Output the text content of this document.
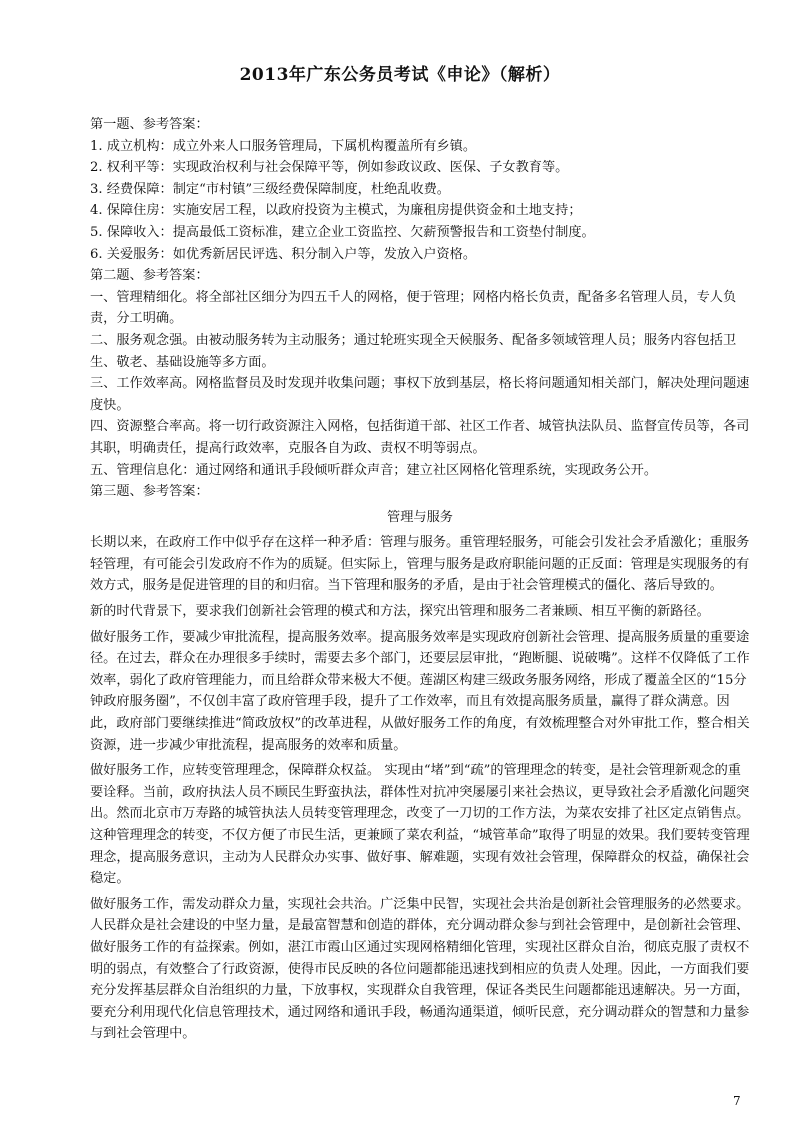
2013年广东公务员考试《申论》（解析）

第一题、参考答案：

1. 成立机构：成立外来人口服务管理局，下属机构覆盖所有乡镇。

2. 权利平等：实现政治权利与社会保障平等，例如参政议政、医保、子女教育等。

3. 经费保障：制定“市村镇”三级经费保障制度，杜绝乱收费。

4. 保障住房：实施安居工程，以政府投资为主模式，为廉租房提供资金和土地支持；

5. 保障收入：提高最低工资标准，建立企业工资监控、欠薪预警报告和工资垫付制度。

6. 关爱服务：如优秀新居民评选、积分制入户等，发放入户资格。

第二题、参考答案：

一、管理精细化。将全部社区细分为四五千人的网格，便于管理；网格内格长负责，配备多名管理人员，专人负责，分工明确。

二、服务观念强。由被动服务转为主动服务；通过轮班实现全天候服务、配备多领域管理人员；服务内容包括卫生、敬老、基础设施等多方面。

三、工作效率高。网格监督员及时发现并收集问题；事权下放到基层，格长将问题通知相关部门，解决处理问题速度快。

四、资源整合率高。将一切行政资源注入网格，包括街道干部、社区工作者、城管执法队员、监督宣传员等，各司其职，明确责任，提高行政效率，克服各自为政、责权不明等弱点。

五、管理信息化：通过网络和通讯手段倾听群众声音；建立社区网格化管理系统，实现政务公开。

第三题、参考答案：

管理与服务

长期以来，在政府工作中似乎存在这样一种矛盾：管理与服务。重管理轻服务，可能会引发社会矛盾激化；重服务轻管理，有可能会引发政府不作为的质疑。但实际上，管理与服务是政府职能问题的正反面：管理是实现服务的有效方式，服务是促进管理的目的和归宿。当下管理和服务的矛盾，是由于社会管理模式的僵化、落后导致的。

新的时代背景下，要求我们创新社会管理的模式和方法，探究出管理和服务二者兼顾、相互平衡的新路径。

做好服务工作，要减少审批流程，提高服务效率。提高服务效率是实现政府创新社会管理、提高服务质量的重要途径。在过去，群众在办理很多手续时，需要去多个部门，还要层层审批，“跑断腿、说破嘴”。这样不仅降低了工作效率，弱化了政府管理能力，而且给群众带来极大不便。莲湖区构建三级政务服务网络，形成了覆盖全区的“15分钟政府服务圈”，不仅创丰富了政府管理手段，提升了工作效率，而且有效提高服务质量，赢得了群众满意。因此，政府部门要继续推进“简政放权”的改革进程，从做好服务工作的角度，有效梳理整合对外审批工作，整合相关资源，进一步减少审批流程，提高服务的效率和质量。

做好服务工作，应转变管理理念，保障群众权益。 实现由“堵”到“疏”的管理理念的转变，是社会管理新观念的重要诠释。当前，政府执法人员不顾民生野蛮执法，群体性对抗冲突屡屡引来社会热议，更导致社会矛盾激化问题突出。然而北京市万寿路的城管执法人员转变管理理念，改变了一刀切的工作方法，为菜农安排了社区定点销售点。这种管理理念的转变，不仅方便了市民生活，更兼顾了菜农利益，“城管革命”取得了明显的效果。我们要转变管理理念，提高服务意识，主动为人民群众办实事、做好事、解难题，实现有效社会管理，保障群众的权益，确保社会稳定。

做好服务工作，需发动群众力量，实现社会共治。广泛集中民智，实现社会共治是创新社会管理服务的必然要求。人民群众是社会建设的中坚力量，是最富智慧和创造的群体，充分调动群众参与到社会管理中，是创新社会管理、做好服务工作的有益探索。例如，湛江市霞山区通过实现网格精细化管理，实现社区群众自治，彻底克服了责权不明的弱点，有效整合了行政资源，使得市民反映的各位问题都能迅速找到相应的负责人处理。因此，一方面我们要充分发挥基层群众自治组织的力量，下放事权，实现群众自我管理，保证各类民生问题都能迅速解决。另一方面，要充分利用现代化信息管理技术，通过网络和通讯手段，畅通沟通渠道，倾听民意，充分调动群众的智慧和力量参与到社会管理中。

7
